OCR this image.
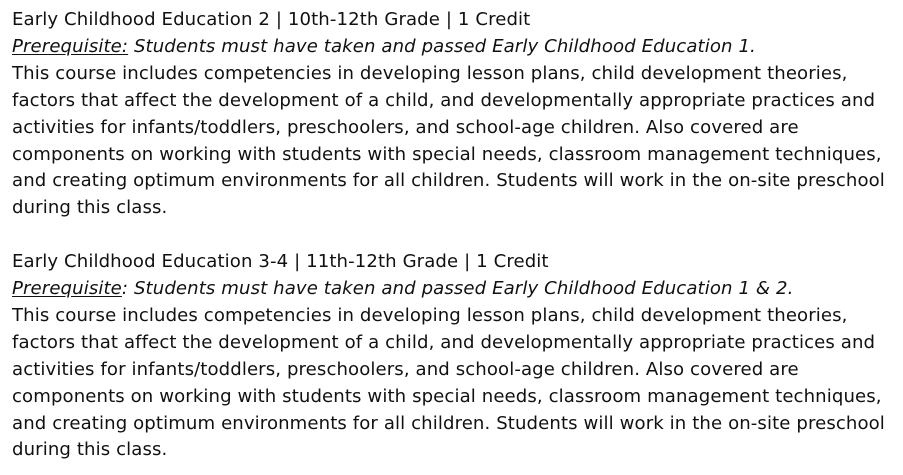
Early Childhood Education 2 | 10th-12th Grade | 1 Credit
Prerequisite: Students must have taken and passed Early Childhood Education 1.
This course includes competencies in developing lesson plans, child development theories, factors that affect the development of a child, and developmentally appropriate practices and activities for infants/toddlers, preschoolers, and school-age children. Also covered are components on working with students with special needs, classroom management techniques, and creating optimum environments for all children. Students will work in the on-site preschool during this class.
Early Childhood Education 3-4 | 11th-12th Grade | 1 Credit
Prerequisite: Students must have taken and passed Early Childhood Education 1 & 2.
This course includes competencies in developing lesson plans, child development theories, factors that affect the development of a child, and developmentally appropriate practices and activities for infants/toddlers, preschoolers, and school-age children. Also covered are components on working with students with special needs, classroom management techniques, and creating optimum environments for all children. Students will work in the on-site preschool during this class.
